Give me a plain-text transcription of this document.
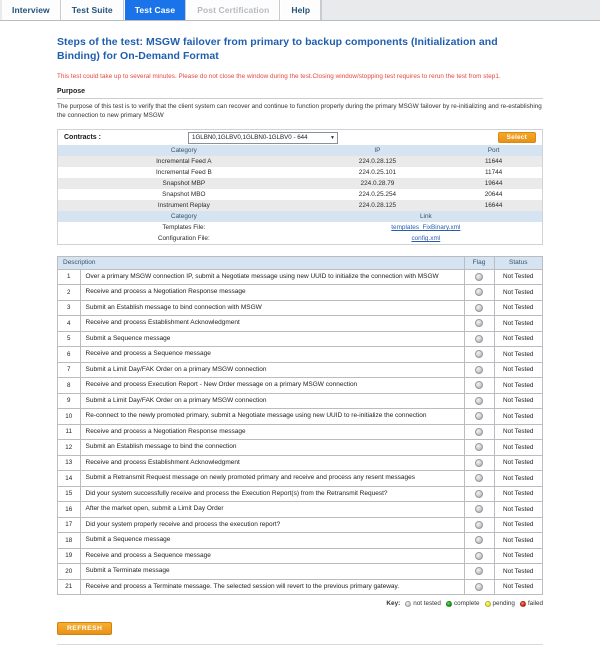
Interview	Test Suite	Test Case	Post Certification	Help
Steps of the test: MSGW failover from primary to backup components (Initialization and Binding) for On-Demand Format
This test could take up to several minutes. Please do not close the window during the test.Closing window/stopping test requires to rerun the test from step1.
Purpose
The purpose of this test is to verify that the client system can recover and continue to function properly during the primary MSGW failover by re-initializing and re-establishing the connection to new primary MSGW
Contracts :	1GLBN0,1GLBV0,1GLBN0-1GLBV0 - 644	▼	Select
Category	IP	Port
Incremental Feed A	224.0.28.125	11644
Incremental Feed B	224.0.25.101	11744
Snapshot MBP	224.0.28.79	19644
Snapshot MBO	224.0.25.254	20644
Instrument Replay	224.0.28.125	16644
Category	Link
Templates File:	templates_FixBinary.xml
Configuration File:	config.xml
Description		Flag	Status
1	Over a primary MSGW connection IP, submit a Negotiate message using new UUID to initialize the connection with MSGW		Not Tested
2	Receive and process a Negotiation Response message		Not Tested
3	Submit an Establish message to bind connection with MSGW		Not Tested
4	Receive and process Establishment Acknowledgment		Not Tested
5	Submit a Sequence message		Not Tested
6	Receive and process a Sequence message		Not Tested
7	Submit a Limit Day/FAK Order on a primary MSGW connection		Not Tested
8	Receive and process Execution Report - New Order message on a primary MSGW connection		Not Tested
9	Submit a Limit Day/FAK Order on a primary MSGW connection		Not Tested
10	Re-connect to the newly promoted primary, submit a Negotiate message using new UUID to re-initialize the connection		Not Tested
11	Receive and process a Negotiation Response message		Not Tested
12	Submit an Establish message to bind the connection		Not Tested
13	Receive and process Establishment Acknowledgment		Not Tested
14	Submit a Retransmit Request message on newly promoted primary and receive and process any resent messages		Not Tested
15	Did your system successfully receive and process the Execution Report(s) from the Retransmit Request?		Not Tested
16	After the market open, submit a Limit Day Order		Not Tested
17	Did your system properly receive and process the execution report?		Not Tested
18	Submit a Sequence message		Not Tested
19	Receive and process a Sequence message		Not Tested
20	Submit a Terminate message		Not Tested
21	Receive and process a Terminate message. The selected session will revert to the previous primary gateway.		Not Tested
Key: not tested complete pending failed
REFRESH
